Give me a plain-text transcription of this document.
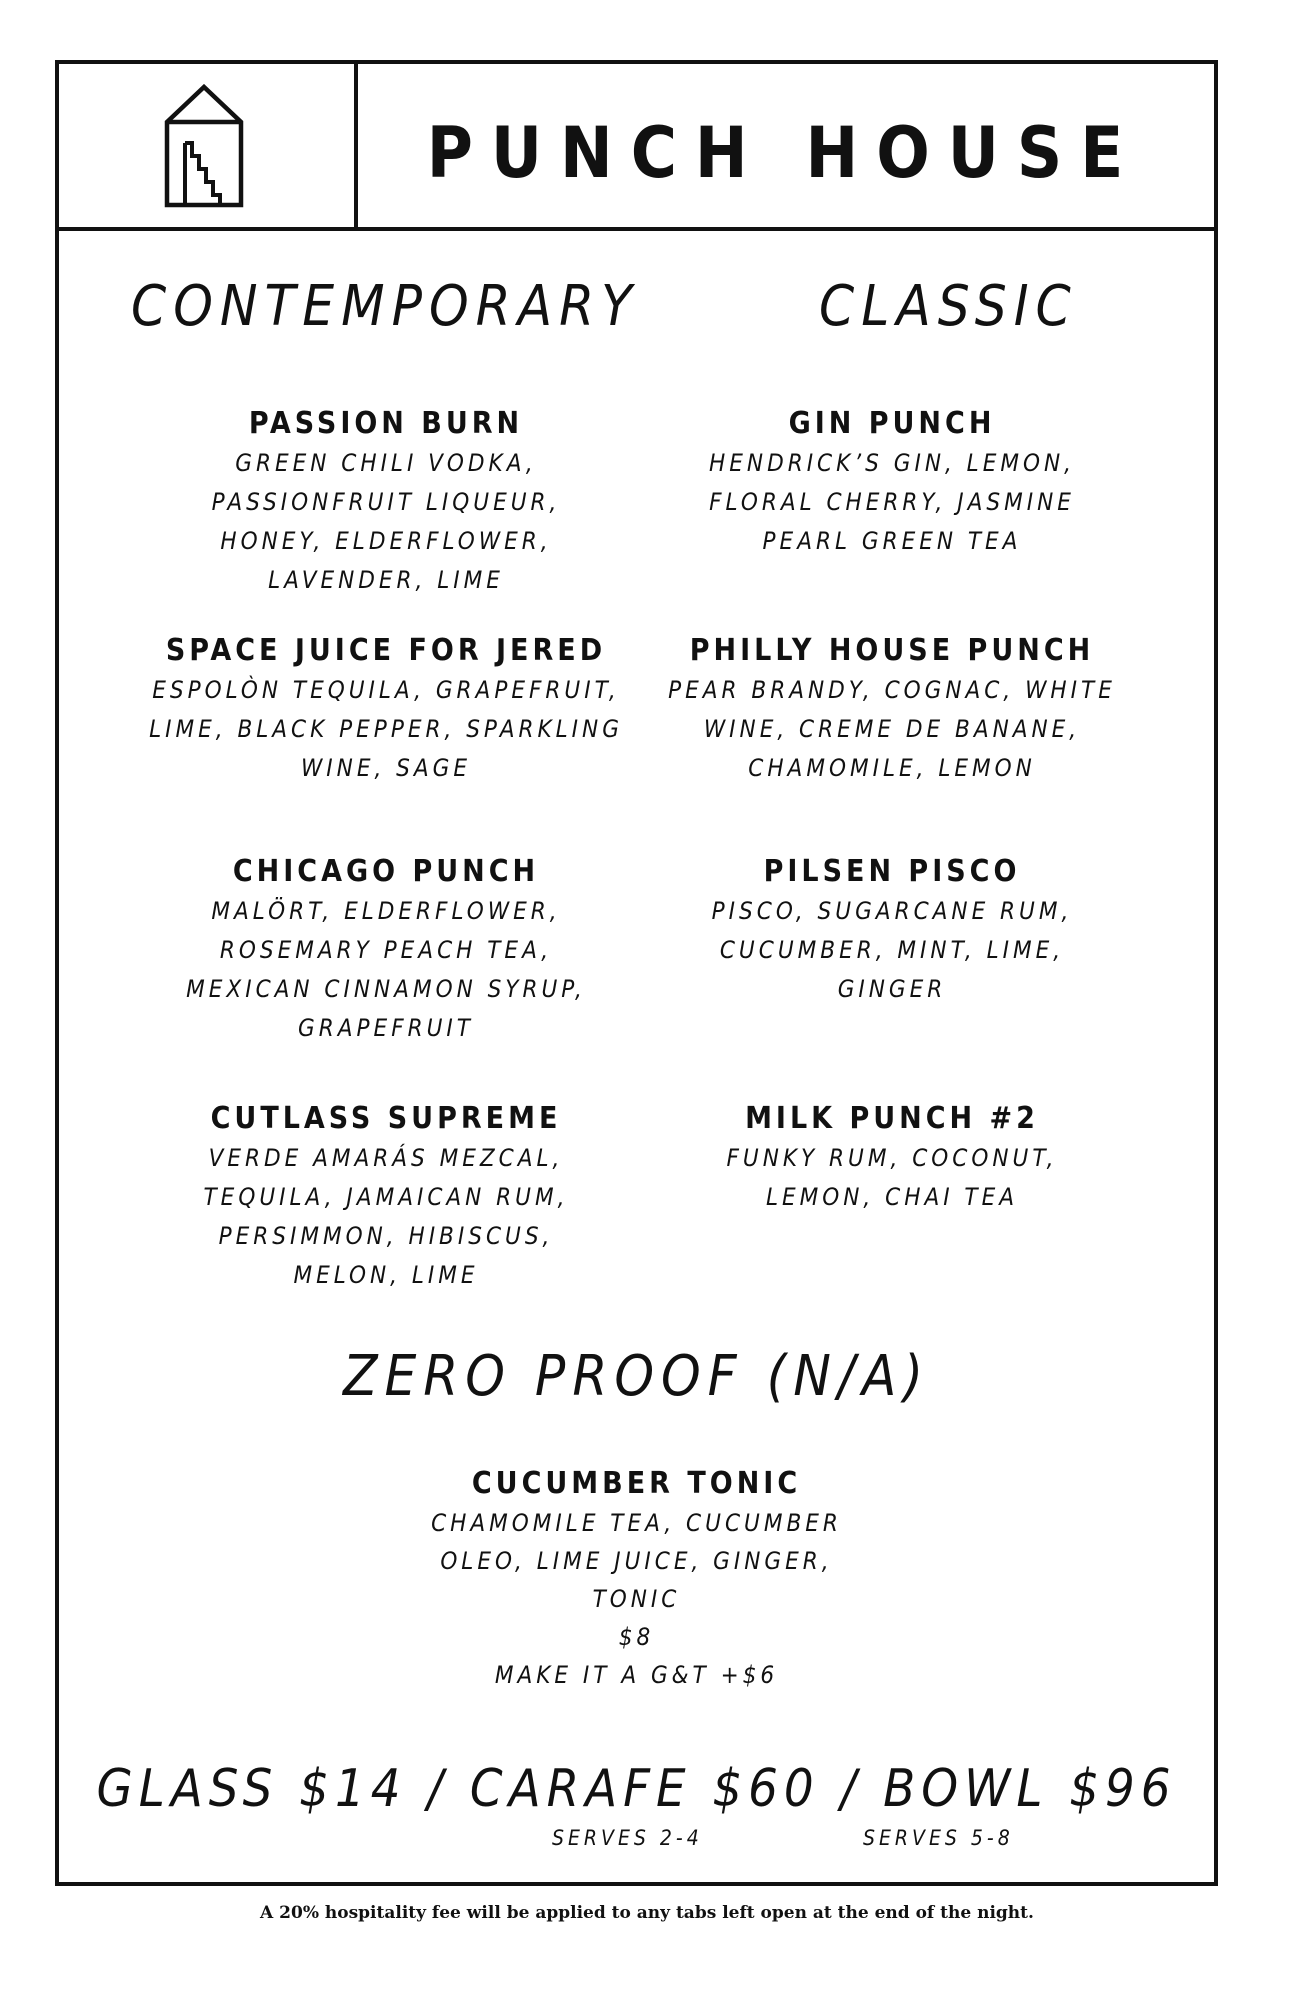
PUNCH HOUSE
CONTEMPORARY	CLASSIC
PASSION BURN
GREEN CHILI VODKA,
PASSIONFRUIT LIQUEUR,
HONEY, ELDERFLOWER,
LAVENDER, LIME
SPACE JUICE FOR JERED
ESPOLÒN TEQUILA, GRAPEFRUIT,
LIME, BLACK PEPPER, SPARKLING
WINE, SAGE
CHICAGO PUNCH
MALÖRT, ELDERFLOWER,
ROSEMARY PEACH TEA,
MEXICAN CINNAMON SYRUP,
GRAPEFRUIT
CUTLASS SUPREME
VERDE AMARÁS MEZCAL,
TEQUILA, JAMAICAN RUM,
PERSIMMON, HIBISCUS,
MELON, LIME
GIN PUNCH
HENDRICK’S GIN, LEMON,
FLORAL CHERRY, JASMINE
PEARL GREEN TEA
PHILLY HOUSE PUNCH
PEAR BRANDY, COGNAC, WHITE
WINE, CREME DE BANANE,
CHAMOMILE, LEMON
PILSEN PISCO
PISCO, SUGARCANE RUM,
CUCUMBER, MINT, LIME,
GINGER
MILK PUNCH #2
FUNKY RUM, COCONUT,
LEMON, CHAI TEA
ZERO PROOF (N/A)
CUCUMBER TONIC
CHAMOMILE TEA, CUCUMBER
OLEO, LIME JUICE, GINGER,
TONIC
$8
MAKE IT A G&T +$6
GLASS $14 / CARAFE $60 / BOWL $96
SERVES 2-4	SERVES 5-8
A 20% hospitality fee will be applied to any tabs left open at the end of the night.
